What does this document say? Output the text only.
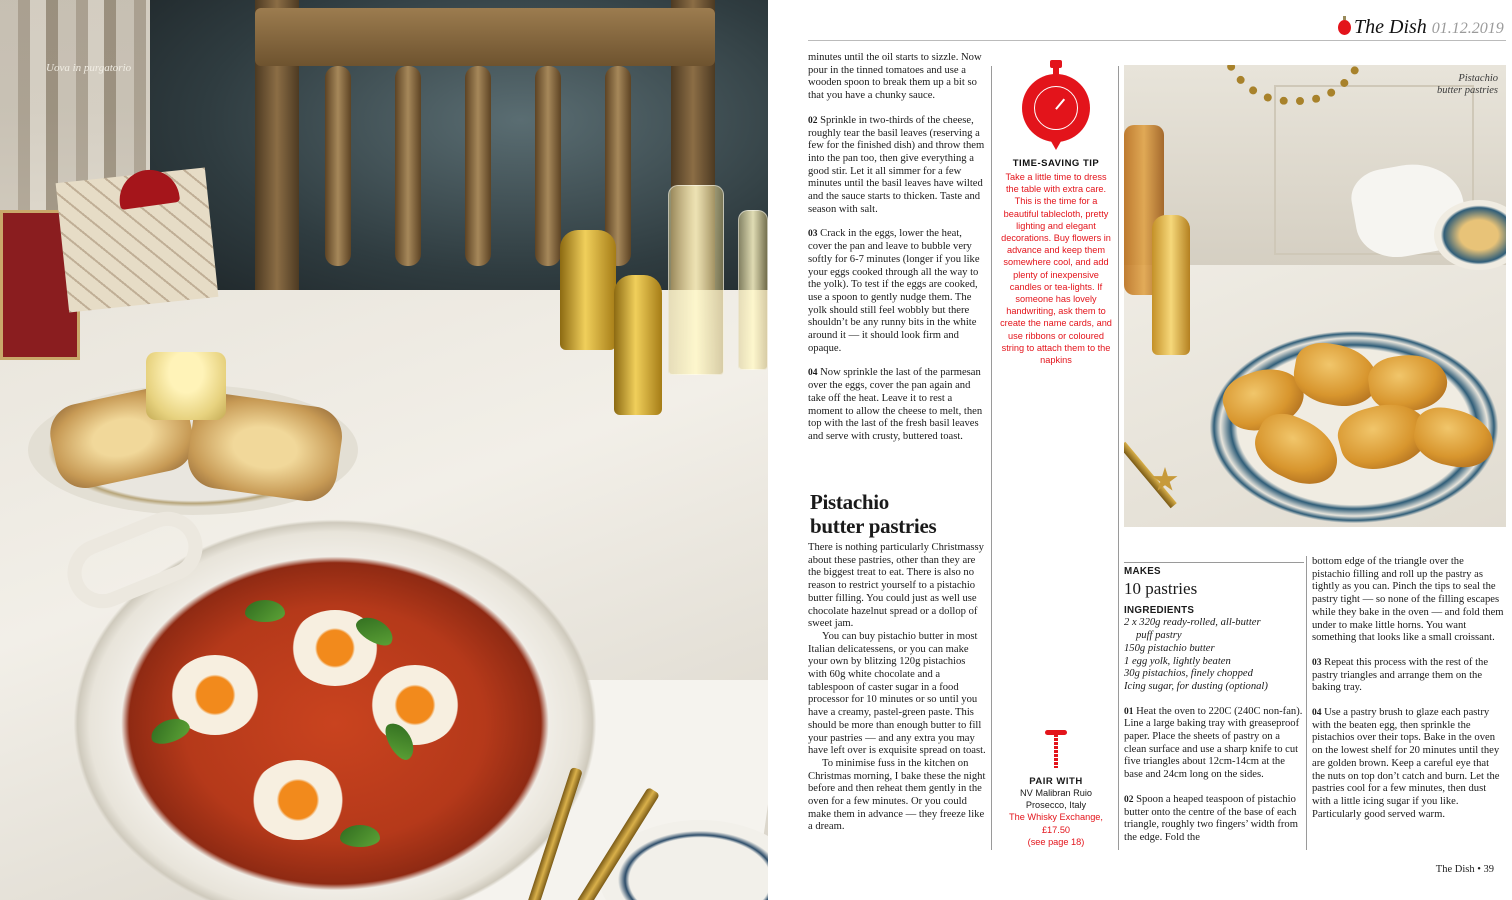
Uova in purgatorio
The Dish 01.12.2019

minutes until the oil starts to sizzle. Now pour in the tinned tomatoes and use a wooden spoon to break them up a bit so that you have a chunky sauce.

02 Sprinkle in two-thirds of the cheese, roughly tear the basil leaves (reserving a few for the finished dish) and throw them into the pan too, then give everything a good stir. Let it all simmer for a few minutes until the basil leaves have wilted and the sauce starts to thicken. Taste and season with salt.

03 Crack in the eggs, lower the heat, cover the pan and leave to bubble very softly for 6-7 minutes (longer if you like your eggs cooked through all the way to the yolk). To test if the eggs are cooked, use a spoon to gently nudge them. The yolk should still feel wobbly but there shouldn’t be any runny bits in the white around it — it should look firm and opaque.

04 Now sprinkle the last of the parmesan over the eggs, cover the pan again and take off the heat. Leave it to rest a moment to allow the cheese to melt, then top with the last of the fresh basil leaves and serve with crusty, buttered toast.

Pistachio
butter pastries

There is nothing particularly Christmassy about these pastries, other than they are the biggest treat to eat. There is also no reason to restrict yourself to a pistachio butter filling. You could just as well use chocolate hazelnut spread or a dollop of sweet jam.

You can buy pistachio butter in most Italian delicatessens, or you can make your own by blitzing 120g pistachios with 60g white chocolate and a tablespoon of caster sugar in a food processor for 10 minutes or so until you have a creamy, pastel-green paste. This should be more than enough butter to fill your pastries — and any extra you may have left over is exquisite spread on toast.

To minimise fuss in the kitchen on Christmas morning, I bake these the night before and then reheat them gently in the oven for a few minutes. Or you could make them in advance — they freeze like a dream.

TIME-SAVING TIP
Take a little time to dress the table with extra care. This is the time for a beautiful tablecloth, pretty lighting and elegant decorations. Buy flowers in advance and keep them somewhere cool, and add plenty of inexpensive candles or tea-lights. If someone has lovely handwriting, ask them to create the name cards, and use ribbons or coloured string to attach them to the napkins
PAIR WITH
NV Malibran Ruio
Prosecco, Italy
The Whisky Exchange,
£17.50
(see page 18)
Pistachio
butter pastries
MAKES
10 pastries
INGREDIENTS
2 x 320g ready-rolled, all-butter
puff pastry
150g pistachio butter
1 egg yolk, lightly beaten
30g pistachios, finely chopped
Icing sugar, for dusting (optional)

01 Heat the oven to 220C (240C non-fan). Line a large baking tray with greaseproof paper. Place the sheets of pastry on a clean surface and use a sharp knife to cut five triangles about 12cm-14cm at the base and 24cm long on the sides.

02 Spoon a heaped teaspoon of pistachio butter onto the centre of the base of each triangle, roughly two fingers’ width from the edge. Fold the

bottom edge of the triangle over the pistachio filling and roll up the pastry as tightly as you can. Pinch the tips to seal the pastry tight — so none of the filling escapes while they bake in the oven — and fold them under to make little horns. You want something that looks like a small croissant.

03 Repeat this process with the rest of the pastry triangles and arrange them on the baking tray.

04 Use a pastry brush to glaze each pastry with the beaten egg, then sprinkle the pistachios over their tops. Bake in the oven on the lowest shelf for 20 minutes until they are golden brown. Keep a careful eye that the nuts on top don’t catch and burn. Let the pastries cool for a few minutes, then dust with a little icing sugar if you like. Particularly good served warm.

The Dish • 39
